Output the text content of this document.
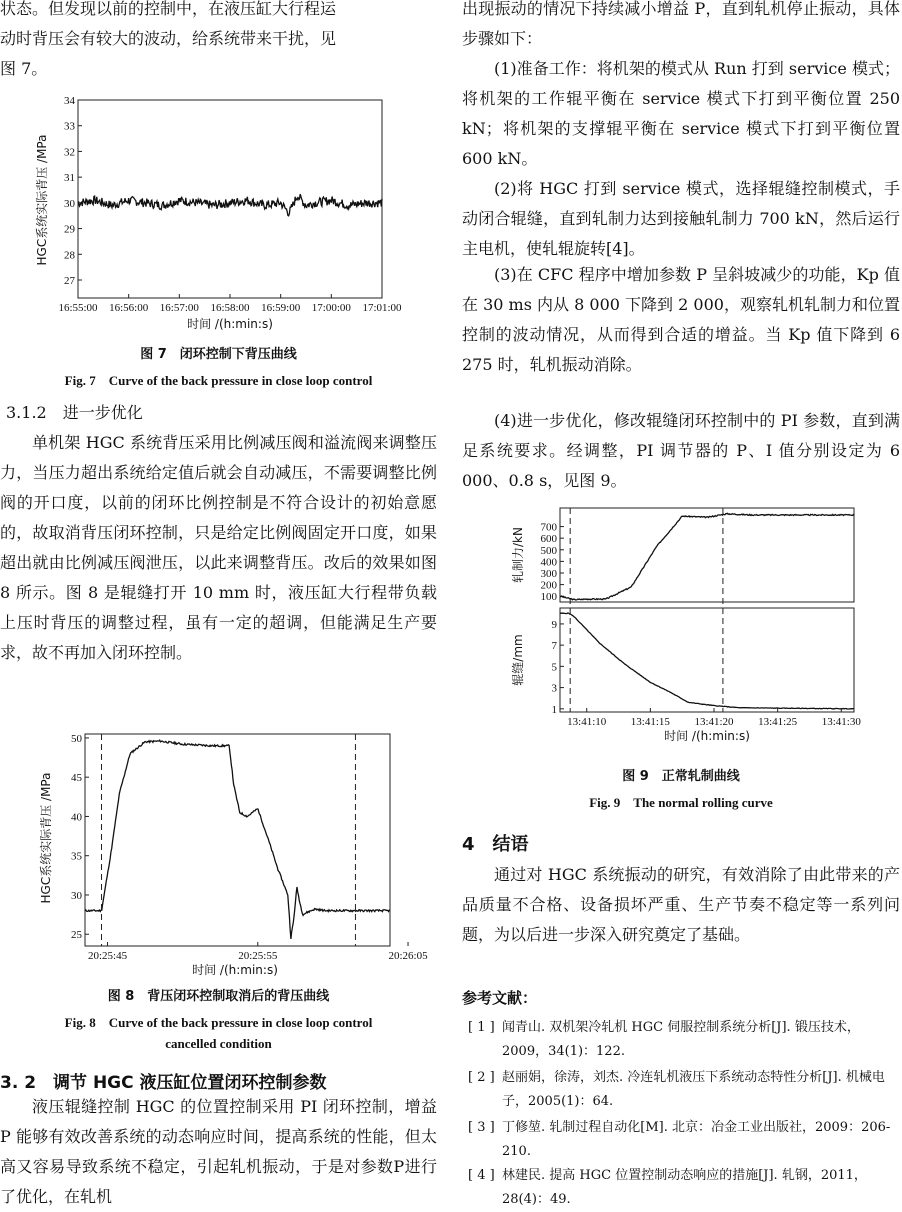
状态。但发现以前的控制中，在液压缸大行程运
动时背压会有较大的波动，给系统带来干扰，见
图 7。
27
28
29
30
31
32
33
34
16:55:00 16:56:00 16:57:00 16:58:00 16:59:00 17:00:00 17:01:00
HGC系统实际背压 /MPa
时间 /(h:min:s)
图 7　闭环控制下背压曲线
Fig. 7　Curve of the back pressure in close loop control
3.1.2　进一步优化

单机架 HGC 系统背压采用比例减压阀和溢流阀来调整压力，当压力超出系统给定值后就会自动减压，不需要调整比例阀的开口度，以前的闭环比例控制是不符合设计的初始意愿的，故取消背压闭环控制，只是给定比例阀固定开口度，如果超出就由比例减压阀泄压，以此来调整背压。改后的效果如图 8 所示。图 8 是辊缝打开 10 mm 时，液压缸大行程带负载上压时背压的调整过程，虽有一定的超调，但能满足生产要求，故不再加入闭环控制。

25
30
35
40
45
50
20:25:45	20:25:55	20:26:05
HGC系统实际背压 /MPa
时间 /(h:min:s)
图 8　背压闭环控制取消后的背压曲线
Fig. 8　Curve of the back pressure in close loop control
cancelled condition
3. 2　调节 HGC 液压缸位置闭环控制参数

液压辊缝控制 HGC 的位置控制采用 PI 闭环控制，增益 P 能够有效改善系统的动态响应时间，提高系统的性能，但太高又容易导致系统不稳定，引起轧机振动，于是对参数P进行了优化，在轧机

出现振动的情况下持续减小增益 P，直到轧机停止振动，具体步骤如下：

(1)准备工作：将机架的模式从 Run 打到 service 模式；将机架的工作辊平衡在 service 模式下打到平衡位置 250 kN；将机架的支撑辊平衡在 service 模式下打到平衡位置 600 kN。

(2)将 HGC 打到 service 模式，选择辊缝控制模式，手动闭合辊缝，直到轧制力达到接触轧制力 700 kN，然后运行主电机，使轧辊旋转[4]。

(3)在 CFC 程序中增加参数 P 呈斜坡减少的功能，Kp 值在 30 ms 内从 8 000 下降到 2 000，观察轧机轧制力和位置控制的波动情况，从而得到合适的增益。当 Kp 值下降到 6 275 时，轧机振动消除。

(4)进一步优化，修改辊缝闭环控制中的 PI 参数，直到满足系统要求。经调整，PI 调节器的 P、I 值分别设定为 6 000、0.8 s，见图 9。

100
200
300
400
500
600
700
1
3
5
7
9
13:41:10 13:41:15 13:41:20 13:41:25 13:41:30
轧制力/kN
辊缝/mm
时间 /(h:min:s)
图 9　正常轧制曲线
Fig. 9　The normal rolling curve
4　结语

通过对 HGC 系统振动的研究，有效消除了由此带来的产品质量不合格、设备损坏严重、生产节奏不稳定等一系列问题，为以后进一步深入研究奠定了基础。

参考文献：
[ 1 ] 闻青山. 双机架冷轧机 HGC 伺服控制系统分析[J]. 锻压技术，2009，34(1)：122.
[ 2 ] 赵丽娟，徐涛，刘杰. 冷连轧机液压下系统动态特性分析[J]. 机械电子，2005(1)：64.
[ 3 ] 丁修堃. 轧制过程自动化[M]. 北京：冶金工业出版社，2009：206-210.
[ 4 ] 林建民. 提高 HGC 位置控制动态响应的措施[J]. 轧钢，2011，28(4)：49.
